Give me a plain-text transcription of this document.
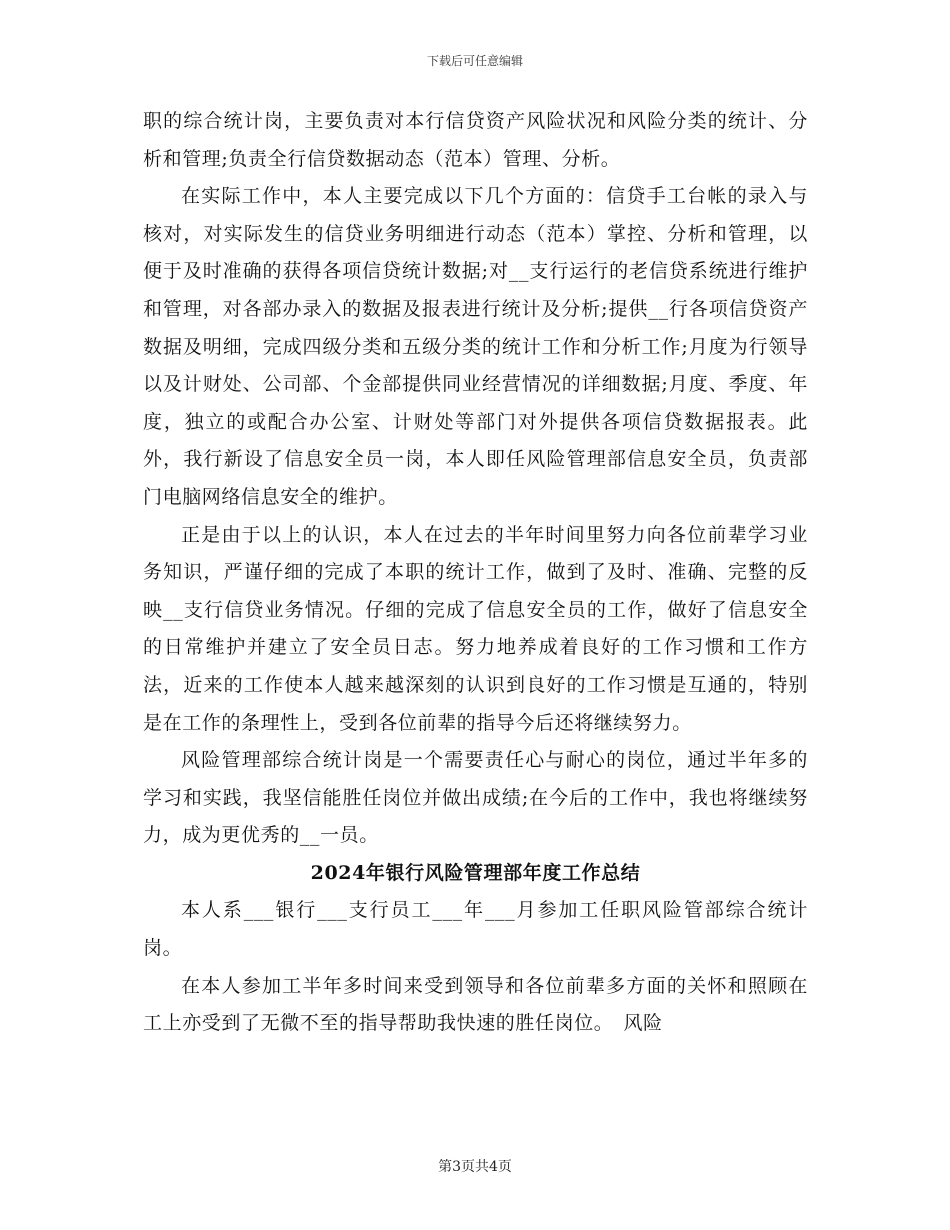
下载后可任意编辑

职的综合统计岗，主要负责对本行信贷资产风险状况和风险分类的统计、分析和管理;负责全行信贷数据动态（范本）管理、分析。

在实际工作中，本人主要完成以下几个方面的：信贷手工台帐的录入与核对，对实际发生的信贷业务明细进行动态（范本）掌控、分析和管理，以便于及时准确的获得各项信贷统计数据;对__支行运行的老信贷系统进行维护和管理，对各部办录入的数据及报表进行统计及分析;提供__行各项信贷资产数据及明细，完成四级分类和五级分类的统计工作和分析工作;月度为行领导以及计财处、公司部、个金部提供同业经营情况的详细数据;月度、季度、年度，独立的或配合办公室、计财处等部门对外提供各项信贷数据报表。此外，我行新设了信息安全员一岗，本人即任风险管理部信息安全员，负责部门电脑网络信息安全的维护。

正是由于以上的认识，本人在过去的半年时间里努力向各位前辈学习业务知识，严谨仔细的完成了本职的统计工作，做到了及时、准确、完整的反映__支行信贷业务情况。仔细的完成了信息安全员的工作，做好了信息安全的日常维护并建立了安全员日志。努力地养成着良好的工作习惯和工作方法，近来的工作使本人越来越深刻的认识到良好的工作习惯是互通的，特别是在工作的条理性上，受到各位前辈的指导今后还将继续努力。

风险管理部综合统计岗是一个需要责任心与耐心的岗位，通过半年多的学习和实践，我坚信能胜任岗位并做出成绩;在今后的工作中，我也将继续努力，成为更优秀的__一员。

2024年银行风险管理部年度工作总结

本人系___银行___支行员工___年___月参加工任职风险管部综合统计岗。

在本人参加工半年多时间来受到领导和各位前辈多方面的关怀和照顾在工上亦受到了无微不至的指导帮助我快速的胜任岗位。　风险

第3页共4页
